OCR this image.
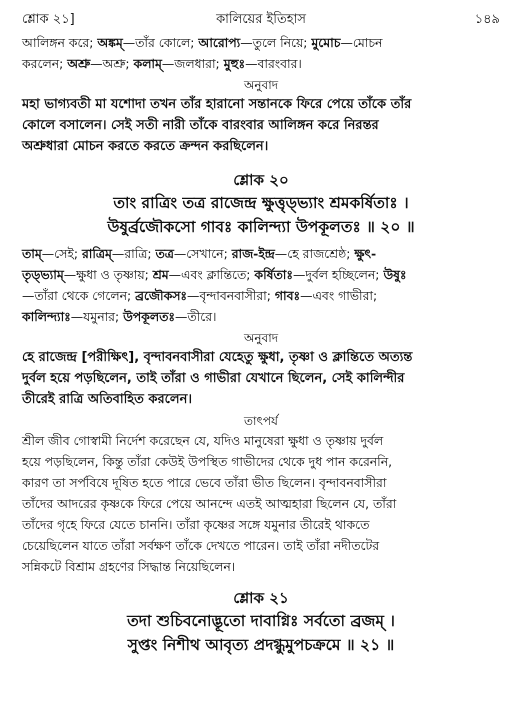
শ্লোক ২১]	কালিয়ের ইতিহাস	১৪৯

আলিঙ্গন করে; অঙ্কম্—তাঁর কোলে; আরোপ্য—তুলে নিয়ে; মুমোচ—মোচন

করলেন; অশ্রু—অশ্রু; কলাম্—জলধারা; মুহুঃ—বারংবার।

অনুবাদ

মহা ভাগ্যবতী মা যশোদা তখন তাঁর হারানো সন্তানকে ফিরে পেয়ে তাঁকে তাঁর

কোলে বসালেন। সেই সতী নারী তাঁকে বারংবার আলিঙ্গন করে নিরন্তর

অশ্রুধারা মোচন করতে করতে ক্রন্দন করছিলেন।

শ্লোক ২০

তাং রাত্রিং তত্র রাজেন্দ্র ক্ষুত্তৃড্ভ্যাং শ্রমকর্ষিতাঃ ।

উষুর্ব্রজৌকসো গাবঃ কালিন্দ্যা উপকূলতঃ ॥ ২০ ॥

তাম্—সেই; রাত্রিম্—রাত্রি; তত্র—সেখানে; রাজ-ইন্দ্র—হে রাজশ্রেষ্ঠ; ক্ষুৎ-

তৃড্ভ্যাম্—ক্ষুধা ও তৃষ্ণায়; শ্রম—এবং ক্লান্তিতে; কর্ষিতাঃ—দুর্বল হচ্ছিলেন; উষুঃ

—তাঁরা থেকে গেলেন; ব্রজৌকসঃ—বৃন্দাবনবাসীরা; গাবঃ—এবং গাভীরা;

কালিন্দ্যাঃ—যমুনার; উপকূলতঃ—তীরে।

অনুবাদ

হে রাজেন্দ্র [পরীক্ষিৎ], বৃন্দাবনবাসীরা যেহেতু ক্ষুধা, তৃষ্ণা ও ক্লান্তিতে অত্যন্ত

দুর্বল হয়ে পড়ছিলেন, তাই তাঁরা ও গাভীরা যেখানে ছিলেন, সেই কালিন্দীর

তীরেই রাত্রি অতিবাহিত করলেন।

তাৎপর্য

শ্রীল জীব গোস্বামী নির্দেশ করেছেন যে, যদিও মানুষেরা ক্ষুধা ও তৃষ্ণায় দুর্বল

হয়ে পড়ছিলেন, কিন্তু তাঁরা কেউই উপস্থিত গাভীদের থেকে দুধ পান করেননি,

কারণ তা সর্পবিষে দূষিত হতে পারে ভেবে তাঁরা ভীত ছিলেন। বৃন্দাবনবাসীরা

তাঁদের আদরের কৃষ্ণকে ফিরে পেয়ে আনন্দে এতই আত্মহারা ছিলেন যে, তাঁরা

তাঁদের গৃহে ফিরে যেতে চাননি। তাঁরা কৃষ্ণের সঙ্গে যমুনার তীরেই থাকতে

চেয়েছিলেন যাতে তাঁরা সর্বক্ষণ তাঁকে দেখতে পারেন। তাই তাঁরা নদীতটের

সন্নিকটে বিশ্রাম গ্রহণের সিদ্ধান্ত নিয়েছিলেন।

শ্লোক ২১

তদা শুচিবনোদ্ভূতো দাবাগ্নিঃ সর্বতো ব্রজম্ ।

সুপ্তং নিশীথ আবৃত্য প্রদগ্ধুমুপচক্রমে ॥ ২১ ॥
